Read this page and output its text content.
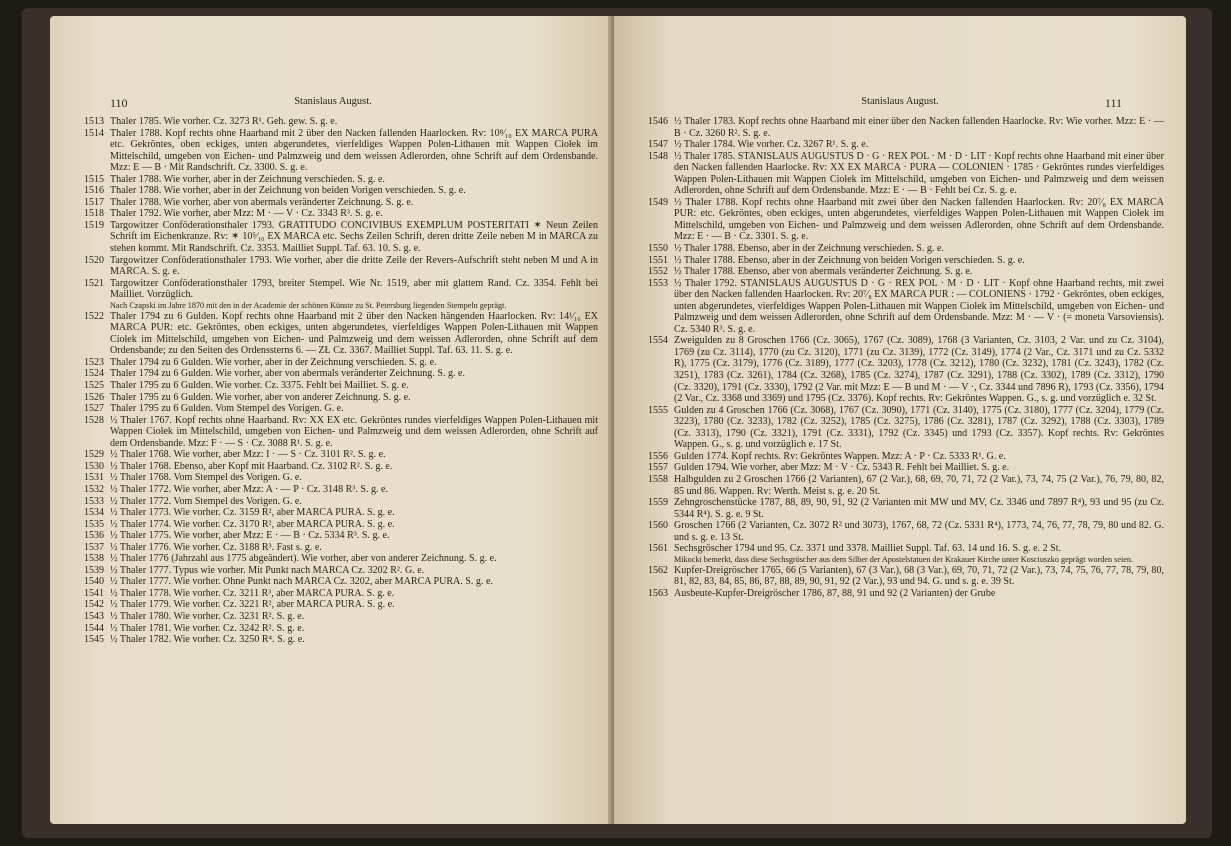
110	Stanislaus August.
1513 Thaler 1785. Wie vorher. Cz. 3273 R¹. Geh. gew. S. g. e.
1514 Thaler 1788. Kopf rechts ohne Haarband mit 2 über den Nacken fallenden Haarlocken. Rv: 10⁸⁄₁₀ EX MARCA PURA etc. Gekröntes, oben eckiges, unten abgerundetes, vierfeldiges Wappen Polen-Lithauen mit Wappen Ciołek im Mittelschild, umgeben von Eichen- und Palmzweig und dem weissen Adlerorden, ohne Schrift auf dem Ordensbande. Mzz: E — B · Mit Randschrift. Cz. 3300. S. g. e.
1515 Thaler 1788. Wie vorher, aber in der Zeichnung verschieden. S. g. e.
1516 Thaler 1788. Wie vorher, aber in der Zeichnung von beiden Vorigen verschieden. S. g. e.
1517 Thaler 1788. Wie vorher, aber von abermals veränderter Zeichnung. S. g. e.
1518 Thaler 1792. Wie vorher, aber Mzz: M · — V · Cz. 3343 R³. S. g. e.
1519 Targowitzer Conföderationsthaler 1793. GRATITUDO CONCIVIBUS EXEMPLUM POSTERITATI ✶ Neun Zeilen Schrift im Eichenkranze. Rv: ✶ 10⁵⁄₁₀ EX MARCA etc. Sechs Zeilen Schrift, deren dritte Zeile neben M in MARCA zu stehen kommt. Mit Randschrift. Cz. 3353. Mailliet Suppl. Taf. 63. 10. S. g. e.
1520 Targowitzer Conföderationsthaler 1793. Wie vorher, aber die dritte Zeile der Revers-Aufschrift steht neben M und A in MARCA. S. g. e.
1521 Targowitzer Conföderationsthaler 1793, breiter Stempel. Wie Nr. 1519, aber mit glattem Rand. Cz. 3354. Fehlt bei Mailliet. Vorzüglich.
Nach Czapski im Jahre 1870 mit den in der Academie der schönen Künste zu St. Petersburg liegenden Stempeln geprägt.
1522 Thaler 1794 zu 6 Gulden. Kopf rechts ohne Haarband mit 2 über den Nacken hängenden Haarlocken. Rv: 14¹⁄₁₆ EX MARCA PUR: etc. Gekröntes, oben eckiges, unten abgerundetes, vierfeldiges Wappen Polen-Lithauen mit Wappen Ciołek im Mittelschild, umgeben von Eichen- und Palmzweig und dem weissen Adlerorden, ohne Schrift auf dem Ordensbande; zu den Seiten des Ordenssterns 6. — ZŁ Cz. 3367. Mailliet Suppl. Taf. 63. 11. S. g. e.
1523 Thaler 1794 zu 6 Gulden. Wie vorher, aber in der Zeichnung verschieden. S. g. e.
1524 Thaler 1794 zu 6 Gulden. Wie vorher, aber von abermals veränderter Zeichnung. S. g. e.
1525 Thaler 1795 zu 6 Gulden. Wie vorher. Cz. 3375. Fehlt bei Mailliet. S. g. e.
1526 Thaler 1795 zu 6 Gulden. Wie vorher, aber von anderer Zeichnung. S. g. e.
1527 Thaler 1795 zu 6 Gulden. Vom Stempel des Vorigen. G. e.
1528 ½ Thaler 1767. Kopf rechts ohne Haarband. Rv: XX EX etc. Gekröntes rundes vierfeldiges Wappen Polen-Lithauen mit Wappen Ciołek im Mittelschild, umgeben von Eichen- und Palmzweig und dem weissen Adlerorden, ohne Schrift auf dem Ordensbande. Mzz: F · — S · Cz. 3088 R¹. S. g. e.
1529 ½ Thaler 1768. Wie vorher, aber Mzz: I · — S · Cz. 3101 R². S. g. e.
1530 ½ Thaler 1768. Ebenso, aber Kopf mit Haarband. Cz. 3102 R². S. g. e.
1531 ½ Thaler 1768. Vom Stempel des Vorigen. G. e.
1532 ½ Thaler 1772. Wie vorher, aber Mzz: A · — P · Cz. 3148 R³. S. g. e.
1533 ½ Thaler 1772. Vom Stempel des Vorigen. G. e.
1534 ½ Thaler 1773. Wie vorher. Cz. 3159 R², aber MARCA PURA. S. g. e.
1535 ½ Thaler 1774. Wie vorher. Cz. 3170 R², aber MARCA PURA. S. g. e.
1536 ½ Thaler 1775. Wie vorher, aber Mzz: E · — B · Cz. 5334 R³. S. g. e.
1537 ½ Thaler 1776. Wie vorher. Cz. 3188 R³. Fast s. g. e.
1538 ½ Thaler 1776 (Jahrzahl aus 1775 abgeändert). Wie vorher, aber von anderer Zeichnung. S. g. e.
1539 ½ Thaler 1777. Typus wie vorher. Mit Punkt nach MARCA Cz. 3202 R². G. e.
1540 ½ Thaler 1777. Wie vorher. Ohne Punkt nach MARCA Cz. 3202, aber MARCA PURA. S. g. e.
1541 ½ Thaler 1778. Wie vorher. Cz. 3211 R³, aber MARCA PURA. S. g. e.
1542 ½ Thaler 1779. Wie vorher. Cz. 3221 R², aber MARCA PURA. S. g. e.
1543 ½ Thaler 1780. Wie vorher. Cz. 3231 R². S. g. e.
1544 ½ Thaler 1781. Wie vorher. Cz. 3242 R². S. g. e.
1545 ½ Thaler 1782. Wie vorher. Cz. 3250 R⁴. S. g. e.
Stanislaus August.	111
1546 ½ Thaler 1783. Kopf rechts ohne Haarband mit einer über den Nacken fallenden Haarlocke. Rv: Wie vorher. Mzz: E · — B · Cz. 3260 R². S. g. e.
1547 ½ Thaler 1784. Wie vorher. Cz. 3267 R¹. S. g. e.
1548 ½ Thaler 1785. STANISLAUS AUGUSTUS D · G · REX POL · M · D · LIT · Kopf rechts ohne Haarband mit einer über den Nacken fallenden Haarlocke. Rv: XX EX MARCA · PURA — COLONIEN · 1785 · Gekröntes rundes vierfeldiges Wappen Polen-Lithauen mit Wappen Ciołek im Mittelschild, umgeben von Eichen- und Palmzweig und dem weissen Adlerorden, ohne Schrift auf dem Ordensbande. Mzz: E · — B · Fehlt bei Cz. S. g. e.
1549 ½ Thaler 1788. Kopf rechts ohne Haarband mit zwei über den Nacken fallenden Haarlocken. Rv: 20⁷⁄₈ EX MARCA PUR: etc. Gekröntes, oben eckiges, unten abgerundetes, vierfeldiges Wappen Polen-Lithauen mit Wappen Ciołek im Mittelschild, umgeben von Eichen- und Palmzweig und dem weissen Adlerorden, ohne Schrift auf dem Ordensbande. Mzz: E · — B · Cz. 3301. S. g. e.
1550 ½ Thaler 1788. Ebenso, aber in der Zeichnung verschieden. S. g. e.
1551 ½ Thaler 1788. Ebenso, aber in der Zeichnung von beiden Vorigen verschieden. S. g. e.
1552 ½ Thaler 1788. Ebenso, aber von abermals veränderter Zeichnung. S. g. e.
1553 ½ Thaler 1792. STANISLAUS AUGUSTUS D · G · REX POL · M · D · LIT · Kopf ohne Haarband rechts, mit zwei über den Nacken fallenden Haarlocken. Rv: 20⁷⁄₈ EX MARCA PUR : — COLONIENS · 1792 · Gekröntes, oben eckiges, unten abgerundetes, vierfeldiges Wappen Polen-Lithauen mit Wappen Ciołek im Mittelschild, umgeben von Eichen- und Palmzweig und dem weissen Adlerorden, ohne Schrift auf dem Ordensbande. Mzz: M · — V · (= moneta Varsoviensis). Cz. 5340 R³. S. g. e.
1554 Zweigulden zu 8 Groschen 1766 (Cz. 3065), 1767 (Cz. 3089), 1768 (3 Varianten, Cz. 3103, 2 Var. und zu Cz. 3104), 1769 (zu Cz. 3114), 1770 (zu Cz. 3120), 1771 (zu Cz. 3139), 1772 (Cz. 3149), 1774 (2 Var., Cz. 3171 und zu Cz. 5332 R), 1775 (Cz. 3179), 1776 (Cz. 3189), 1777 (Cz. 3203), 1778 (Cz. 3212), 1780 (Cz. 3232), 1781 (Cz. 3243), 1782 (Cz. 3251), 1783 (Cz. 3261), 1784 (Cz. 3268), 1785 (Cz. 3274), 1787 (Cz. 3291), 1788 (Cz. 3302), 1789 (Cz. 3312), 1790 (Cz. 3320), 1791 (Cz. 3330), 1792 (2 Var. mit Mzz: E — B und M · — V ·, Cz. 3344 und 7896 R), 1793 (Cz. 3356), 1794 (2 Var., Cz. 3368 und 3369) und 1795 (Cz. 3376). Kopf rechts. Rv: Gekröntes Wappen. G., s. g. und vorzüglich e. 32 St.
1555 Gulden zu 4 Groschen 1766 (Cz. 3068), 1767 (Cz. 3090), 1771 (Cz. 3140), 1775 (Cz. 3180), 1777 (Cz. 3204), 1779 (Cz. 3223), 1780 (Cz. 3233), 1782 (Cz. 3252), 1785 (Cz. 3275), 1786 (Cz. 3281), 1787 (Cz. 3292), 1788 (Cz. 3303), 1789 (Cz. 3313), 1790 (Cz. 3321), 1791 (Cz. 3331), 1792 (Cz. 3345) und 1793 (Cz. 3357). Kopf rechts. Rv: Gekröntes Wappen. G., s. g. und vorzüglich e. 17 St.
1556 Gulden 1774. Kopf rechts. Rv: Gekröntes Wappen. Mzz: A · P · Cz. 5333 R¹. G. e.
1557 Gulden 1794. Wie vorher, aber Mzz: M · V · Cz. 5343 R. Fehlt bei Mailliet. S. g. e.
1558 Halbgulden zu 2 Groschen 1766 (2 Varianten), 67 (2 Var.), 68, 69, 70, 71, 72 (2 Var.), 73, 74, 75 (2 Var.), 76, 79, 80, 82, 85 und 86. Wappen. Rv: Werth. Meist s. g. e. 20 St.
1559 Zehngroschenstücke 1787, 88, 89, 90, 91, 92 (2 Varianten mit MW und MV, Cz. 3346 und 7897 R⁴), 93 und 95 (zu Cz. 5344 R⁴). S. g. e. 9 St.
1560 Groschen 1766 (2 Varianten, Cz. 3072 R² und 3073), 1767, 68, 72 (Cz. 5331 R⁴), 1773, 74, 76, 77, 78, 79, 80 und 82. G. und s. g. e. 13 St.
1561 Sechsgröscher 1794 und 95. Cz. 3371 und 3378. Mailliet Suppl. Taf. 63. 14 und 16. S. g. e. 2 St.
Mikocki bemerkt, dass diese Sechsgröscher aus dem Silber der Apostelstatuen der Krakauer Kirche unter Kosciuszko geprägt worden seien.
1562 Kupfer-Dreigröscher 1765, 66 (5 Varianten), 67 (3 Var.), 68 (3 Var.), 69, 70, 71, 72 (2 Var.), 73, 74, 75, 76, 77, 78, 79, 80, 81, 82, 83, 84, 85, 86, 87, 88, 89, 90, 91, 92 (2 Var.), 93 und 94. G. und s. g. e. 39 St.
1563 Ausbeute-Kupfer-Dreigröscher 1786, 87, 88, 91 und 92 (2 Varianten) der Grube
